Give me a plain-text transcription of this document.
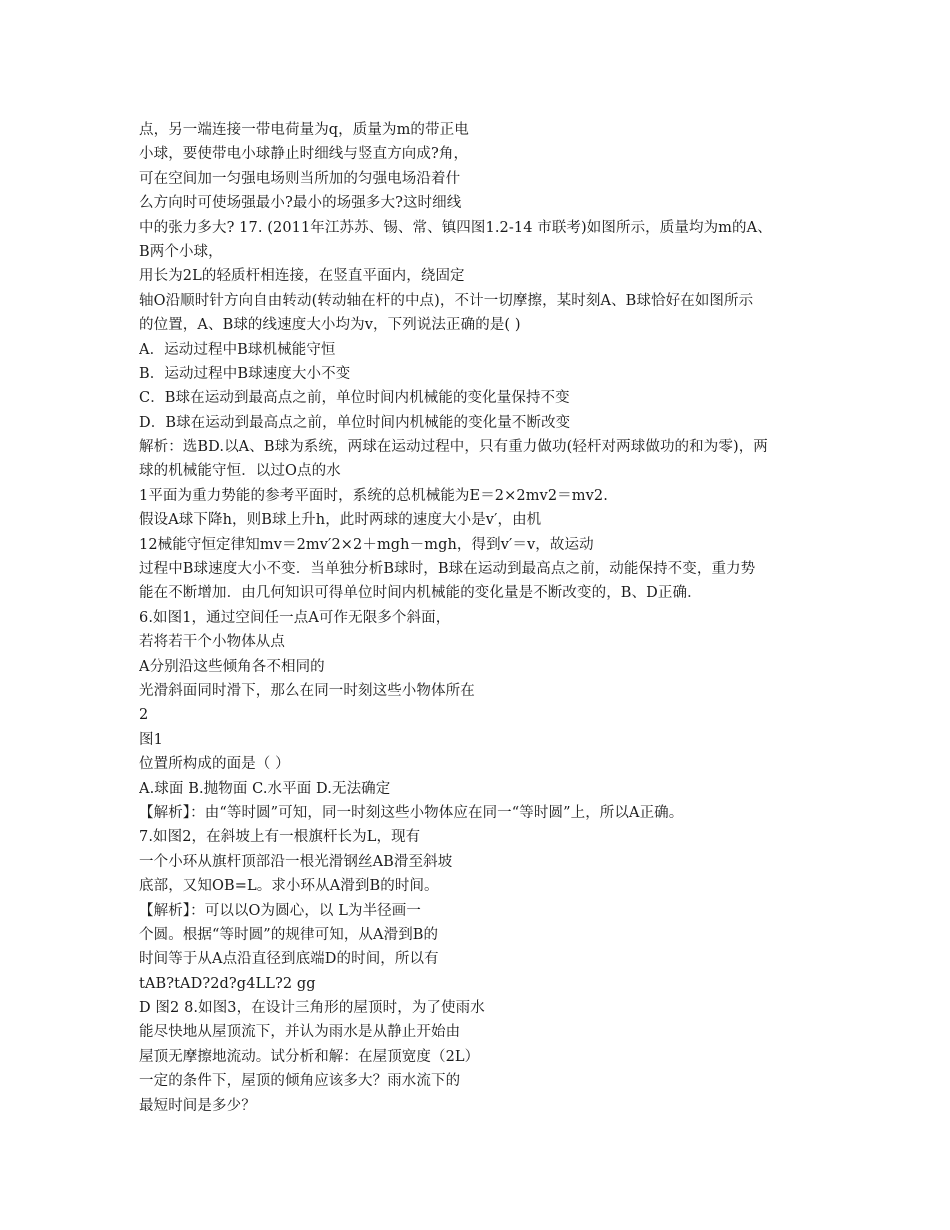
点，另一端连接一带电荷量为q，质量为m的带正电
小球，要使带电小球静止时细线与竖直方向成?角，
可在空间加一匀强电场则当所加的匀强电场沿着什
么方向时可使场强最小?最小的场强多大?这时细线
中的张力多大? 17. (2011年江苏苏、锡、常、镇四图1.2-14 市联考)如图所示，质量均为m的A、
B两个小球，
用长为2L的轻质杆相连接，在竖直平面内，绕固定
轴O沿顺时针方向自由转动(转动轴在杆的中点)，不计一切摩擦，某时刻A、B球恰好在如图所示
的位置，A、B球的线速度大小均为v，下列说法正确的是( )
A．运动过程中B球机械能守恒
B．运动过程中B球速度大小不变
C．B球在运动到最高点之前，单位时间内机械能的变化量保持不变
D．B球在运动到最高点之前，单位时间内机械能的变化量不断改变
解析：选BD.以A、B球为系统，两球在运动过程中，只有重力做功(轻杆对两球做功的和为零)，两
球的机械能守恒．以过O点的水
1平面为重力势能的参考平面时，系统的总机械能为E＝2×2mv2＝mv2.
假设A球下降h，则B球上升h，此时两球的速度大小是v′，由机
12械能守恒定律知mv＝2mv′2×2＋mgh－mgh，得到v′＝v，故运动
过程中B球速度大小不变．当单独分析B球时，B球在运动到最高点之前，动能保持不变，重力势
能在不断增加．由几何知识可得单位时间内机械能的变化量是不断改变的，B、D正确．
6.如图1，通过空间任一点A可作无限多个斜面，
若将若干个小物体从点
A分别沿这些倾角各不相同的
光滑斜面同时滑下，那么在同一时刻这些小物体所在
2
图1
位置所构成的面是（ ）
A.球面 B.抛物面 C.水平面 D.无法确定
【解析】：由“等时圆”可知，同一时刻这些小物体应在同一“等时圆”上，所以A正确。
7.如图2，在斜坡上有一根旗杆长为L，现有
一个小环从旗杆顶部沿一根光滑钢丝AB滑至斜坡
底部，又知OB=L。求小环从A滑到B的时间。
【解析】：可以以O为圆心，以 L为半径画一
个圆。根据“等时圆”的规律可知，从A滑到B的
时间等于从A点沿直径到底端D的时间，所以有
tAB?tAD?2d?g4LL?2 gg
D 图2 8.如图3，在设计三角形的屋顶时，为了使雨水
能尽快地从屋顶流下，并认为雨水是从静止开始由
屋顶无摩擦地流动。试分析和解：在屋顶宽度（2L）
一定的条件下，屋顶的倾角应该多大？雨水流下的
最短时间是多少？
